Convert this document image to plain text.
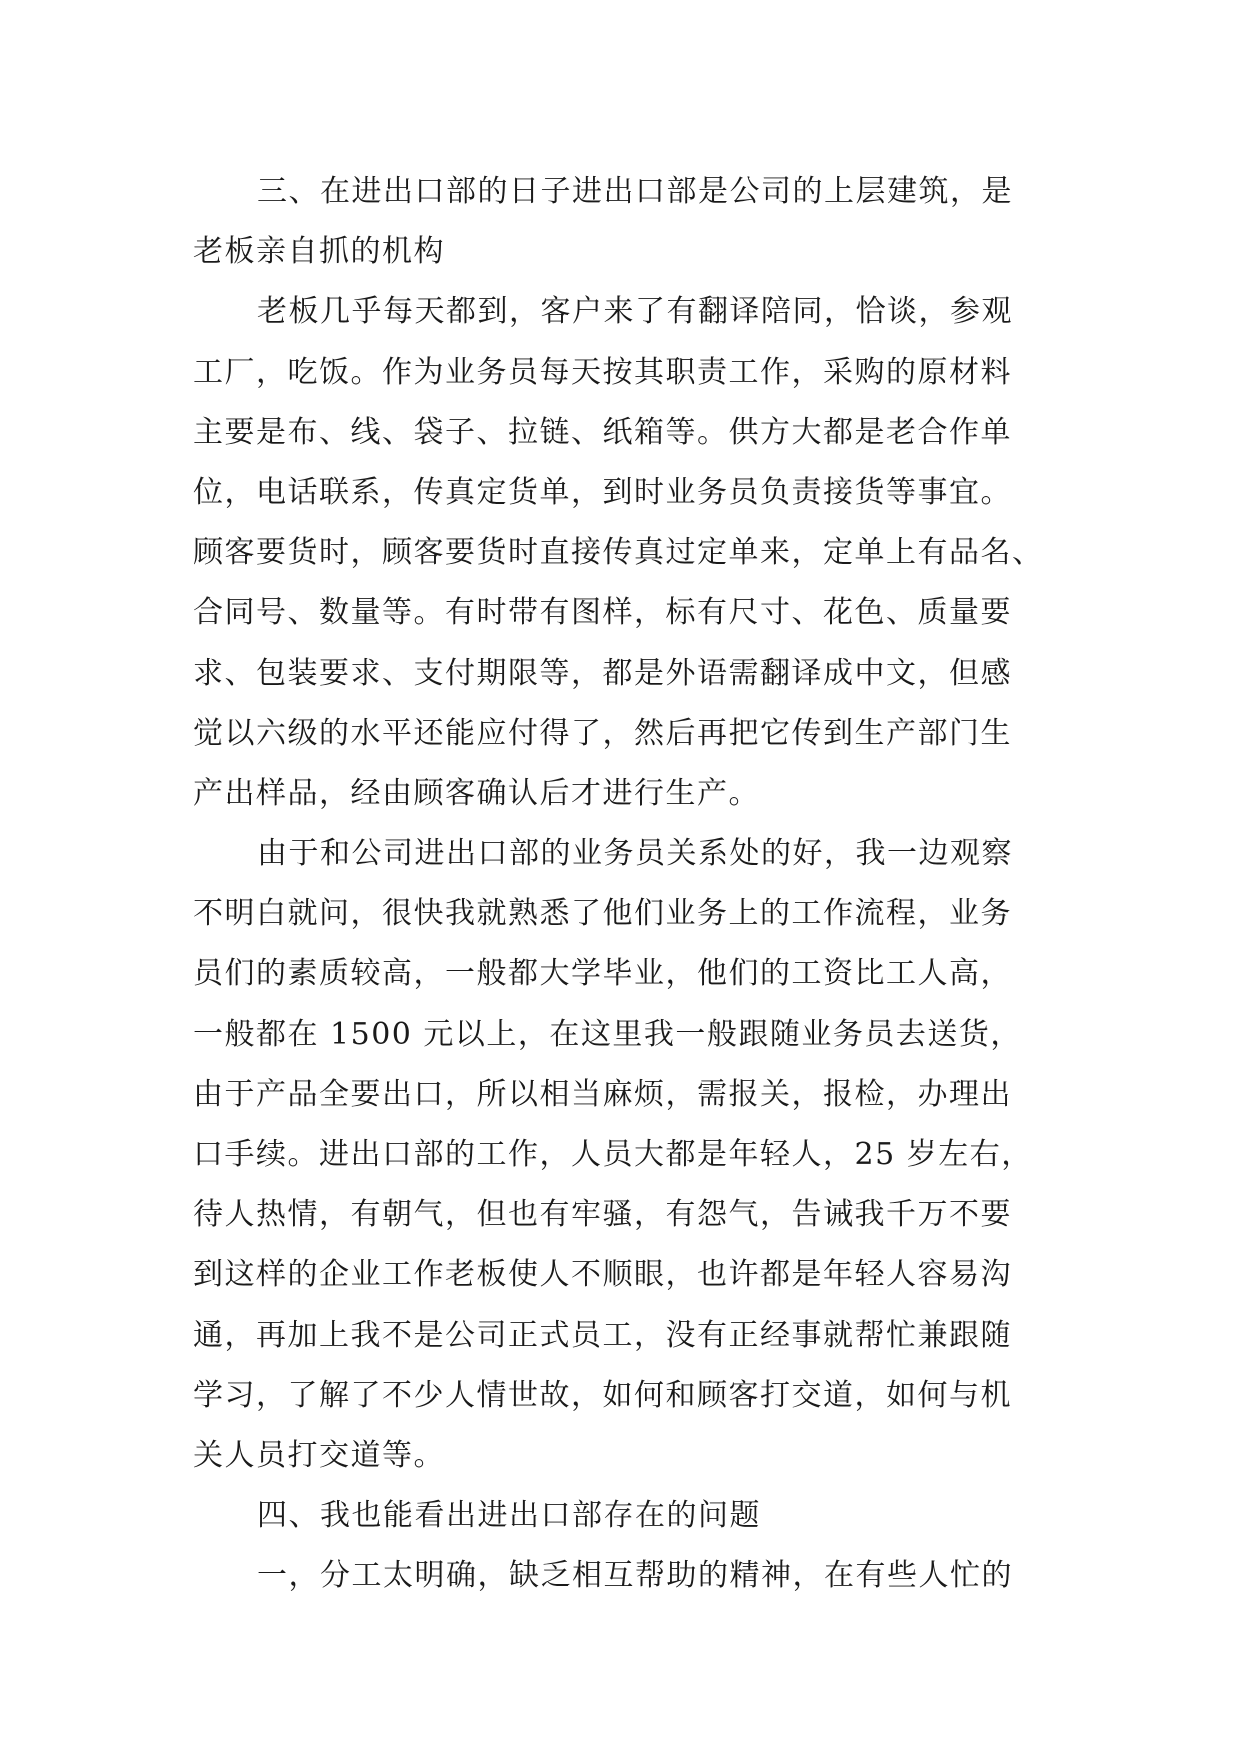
三、在进出口部的日子进出口部是公司的上层建筑，是
老板亲自抓的机构
老板几乎每天都到，客户来了有翻译陪同，恰谈，参观
工厂，吃饭。作为业务员每天按其职责工作，采购的原材料
主要是布、线、袋子、拉链、纸箱等。供方大都是老合作单
位，电话联系，传真定货单，到时业务员负责接货等事宜。
顾客要货时，顾客要货时直接传真过定单来，定单上有品名、
合同号、数量等。有时带有图样，标有尺寸、花色、质量要
求、包装要求、支付期限等，都是外语需翻译成中文，但感
觉以六级的水平还能应付得了，然后再把它传到生产部门生
产出样品，经由顾客确认后才进行生产。
由于和公司进出口部的业务员关系处的好，我一边观察
不明白就问，很快我就熟悉了他们业务上的工作流程，业务
员们的素质较高，一般都大学毕业，他们的工资比工人高，
一般都在 1500 元以上，在这里我一般跟随业务员去送货，
由于产品全要出口，所以相当麻烦，需报关，报检，办理出
口手续。进出口部的工作，人员大都是年轻人，25 岁左右，
待人热情，有朝气，但也有牢骚，有怨气，告诫我千万不要
到这样的企业工作老板使人不顺眼，也许都是年轻人容易沟
通，再加上我不是公司正式员工，没有正经事就帮忙兼跟随
学习，了解了不少人情世故，如何和顾客打交道，如何与机
关人员打交道等。
四、我也能看出进出口部存在的问题
一，分工太明确，缺乏相互帮助的精神，在有些人忙的
